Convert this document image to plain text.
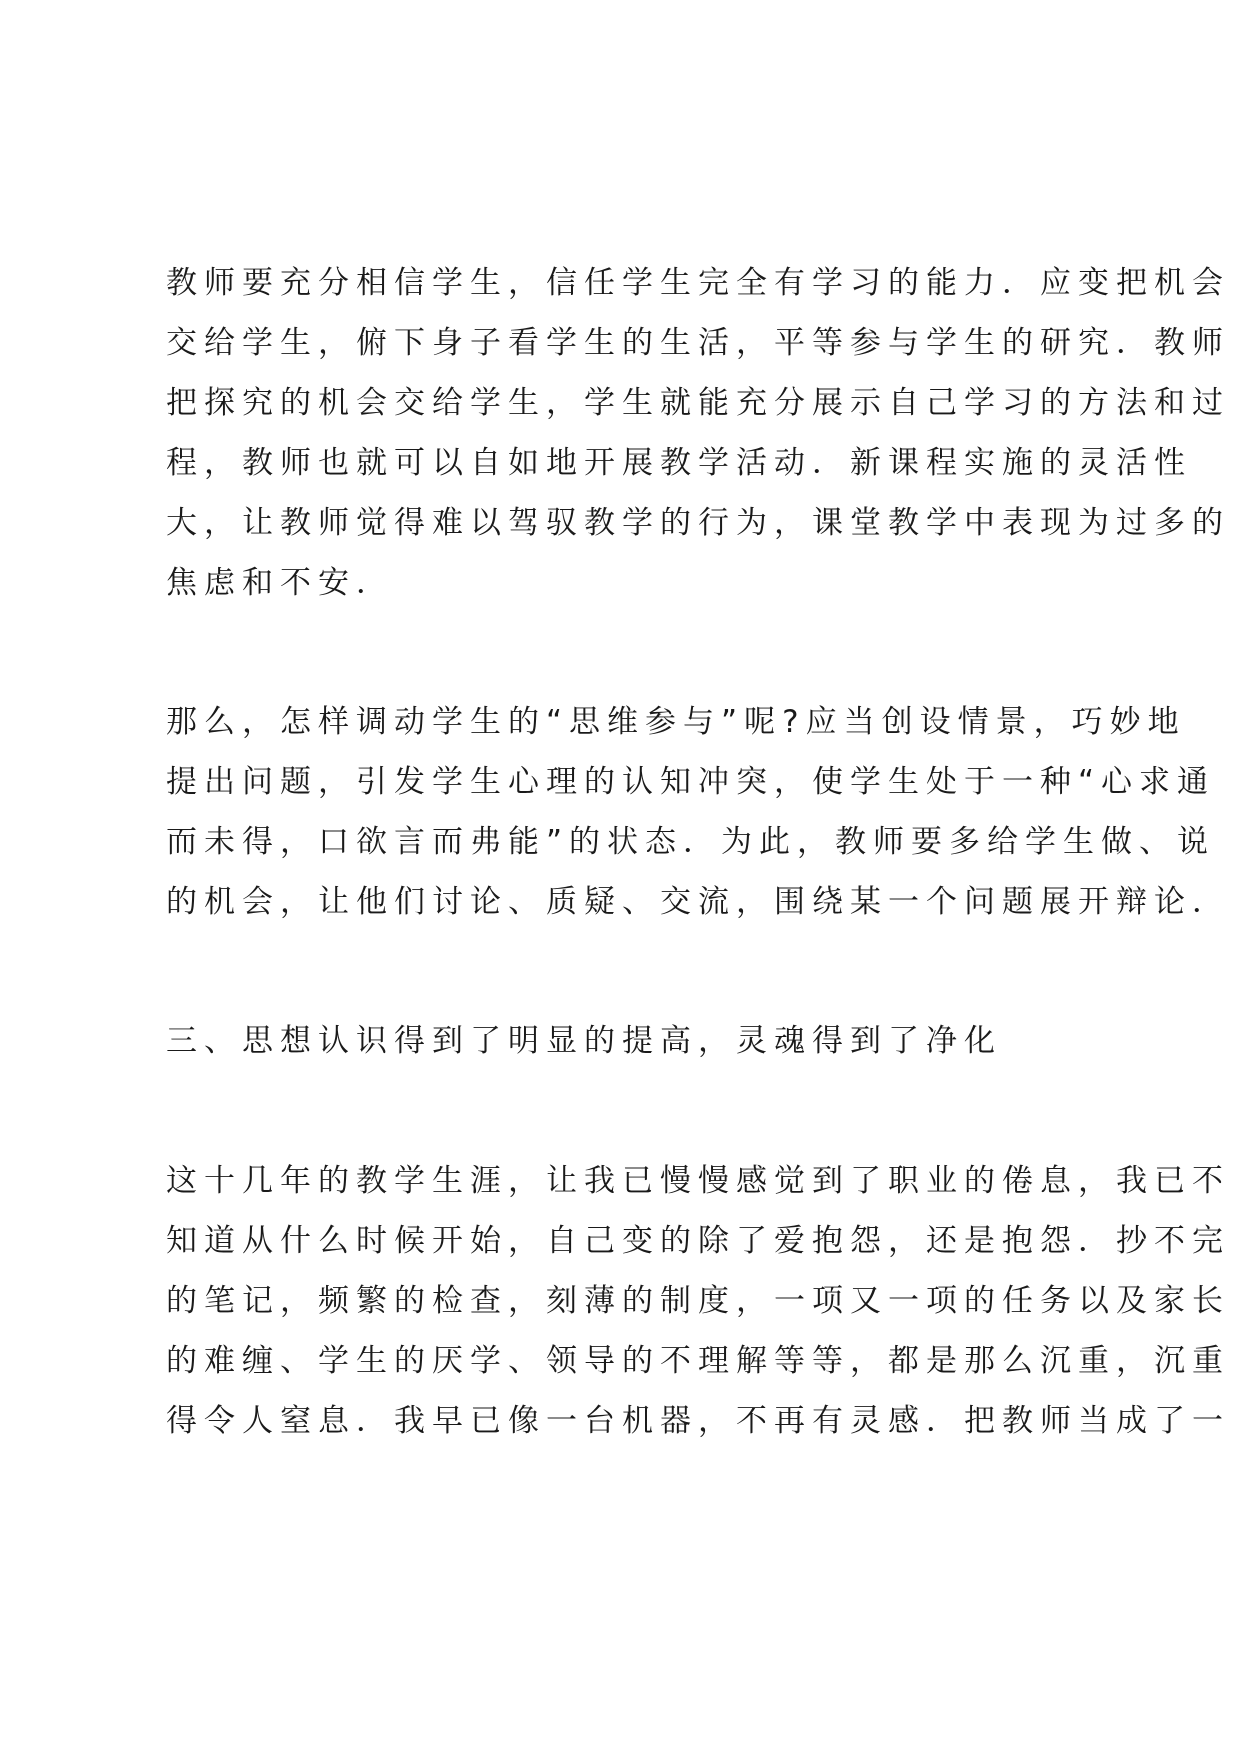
教师要充分相信学生，信任学生完全有学习的能力．应变把机会
交给学生，俯下身子看学生的生活，平等参与学生的研究．教师
把探究的机会交给学生，学生就能充分展示自己学习的方法和过
程，教师也就可以自如地开展教学活动．新课程实施的灵活性
大，让教师觉得难以驾驭教学的行为，课堂教学中表现为过多的
焦虑和不安．
那么，怎样调动学生的“思维参与”呢?应当创设情景，巧妙地
提出问题，引发学生心理的认知冲突，使学生处于一种“心求通
而未得，口欲言而弗能”的状态．为此，教师要多给学生做、说
的机会，让他们讨论、质疑、交流，围绕某一个问题展开辩论．
三、思想认识得到了明显的提高，灵魂得到了净化
这十几年的教学生涯，让我已慢慢感觉到了职业的倦息，我已不
知道从什么时候开始，自己变的除了爱抱怨，还是抱怨．抄不完
的笔记，频繁的检查，刻薄的制度，一项又一项的任务以及家长
的难缠、学生的厌学、领导的不理解等等，都是那么沉重，沉重
得令人窒息．我早已像一台机器，不再有灵感．把教师当成了一
